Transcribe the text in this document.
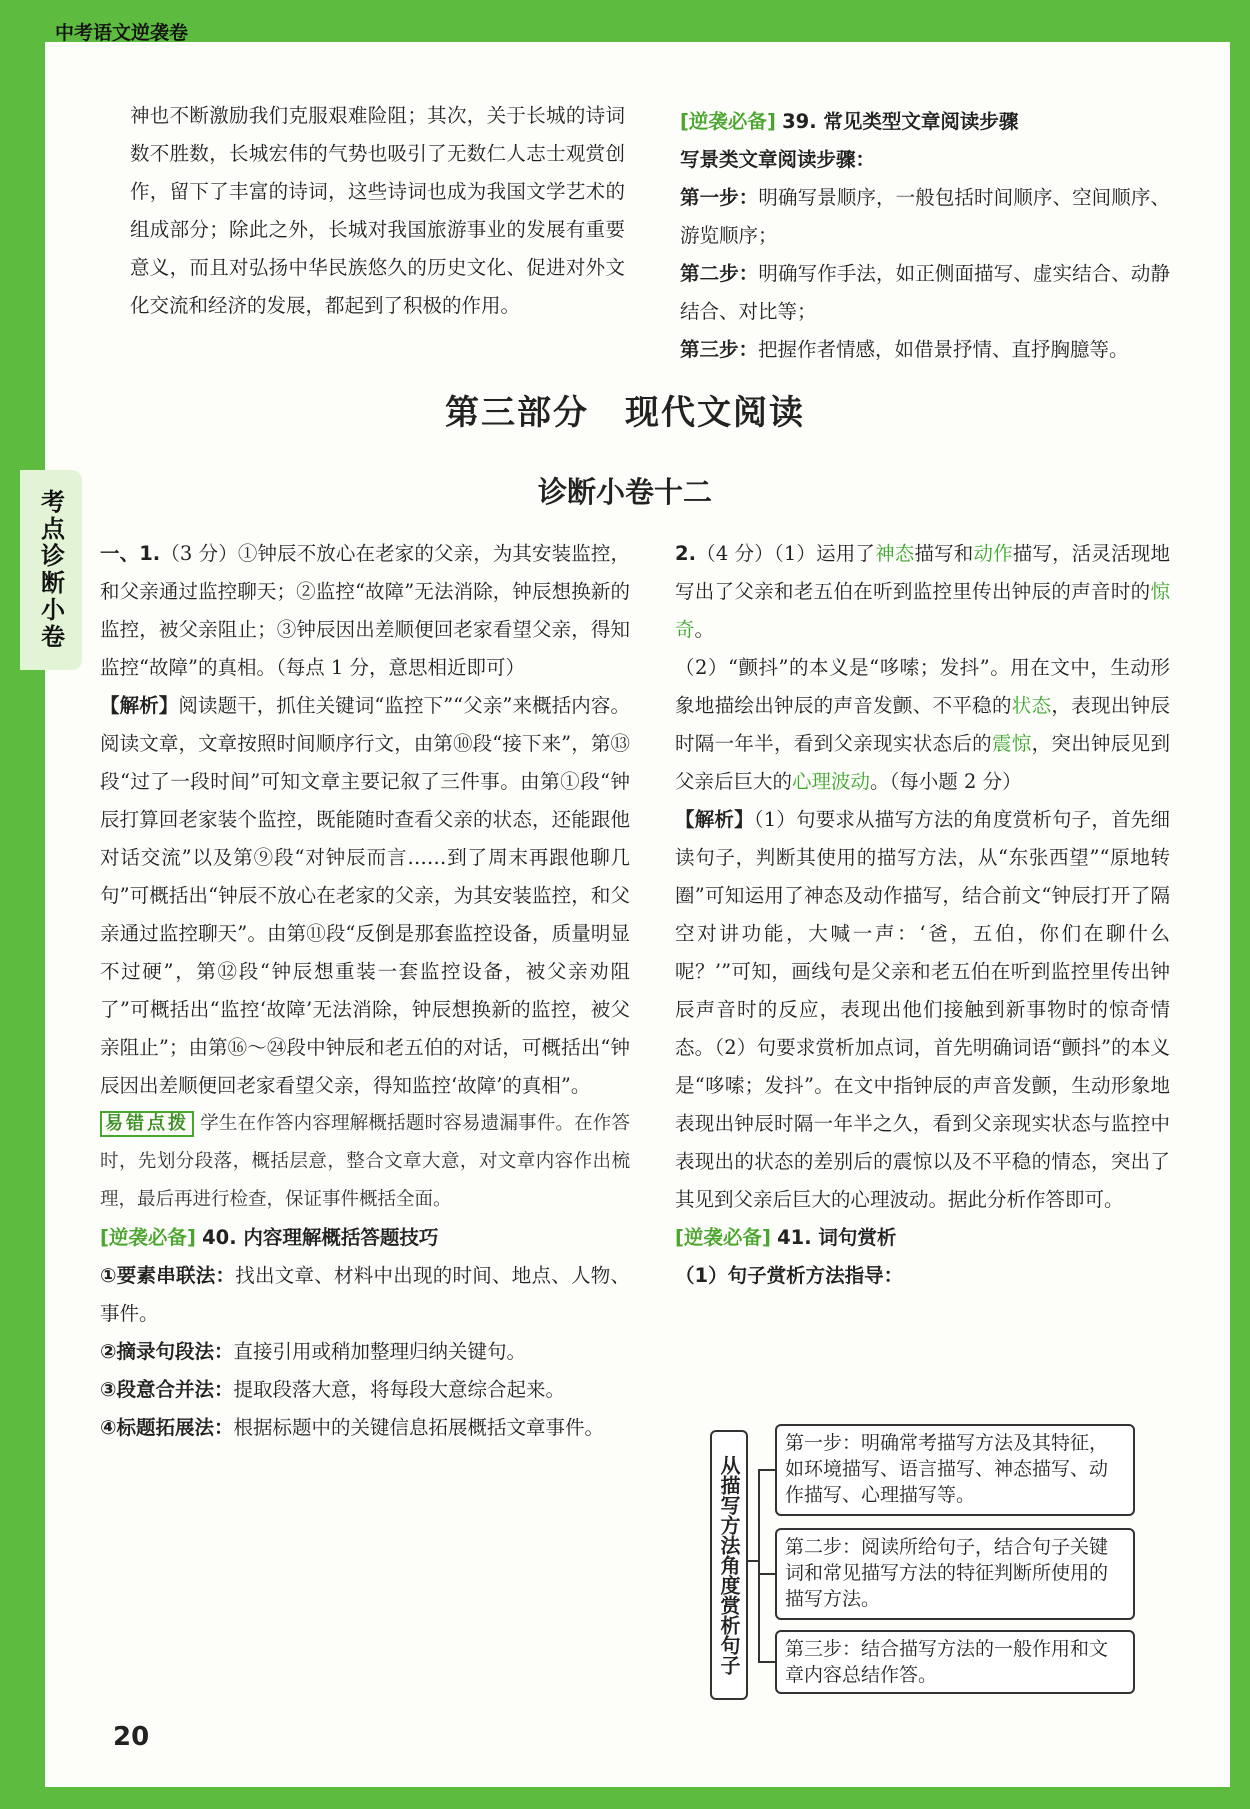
中考语文逆袭卷
考点诊断小卷

神也不断激励我们克服艰难险阻；其次，关于长城的诗词数不胜数，长城宏伟的气势也吸引了无数仁人志士观赏创作，留下了丰富的诗词，这些诗词也成为我国文学艺术的组成部分；除此之外，长城对我国旅游事业的发展有重要意义，而且对弘扬中华民族悠久的历史文化、促进对外文化交流和经济的发展，都起到了积极的作用。

[ 逆袭必备 ] 39. 常见类型文章阅读步骤

写景类文章阅读步骤：

第一步：明确写景顺序，一般包括时间顺序、空间顺序、游览顺序；

第二步：明确写作手法，如正侧面描写、虚实结合、动静结合、对比等；

第三步：把握作者情感，如借景抒情、直抒胸臆等。

第三部分　现代文阅读
诊断小卷十二

一、1.（3 分）①钟辰不放心在老家的父亲，为其安装监控，和父亲通过监控聊天；②监控“故障”无法消除，钟辰想换新的监控，被父亲阻止；③钟辰因出差顺便回老家看望父亲，得知监控“故障”的真相。（每点 1 分，意思相近即可）

【解析】阅读题干，抓住关键词“监控下”“父亲”来概括内容。阅读文章，文章按照时间顺序行文，由第⑩段“接下来”，第⑬段“过了一段时间”可知文章主要记叙了三件事。由第①段“钟辰打算回老家装个监控，既能随时查看父亲的状态，还能跟他对话交流”以及第⑨段“对钟辰而言……到了周末再跟他聊几句”可概括出“钟辰不放心在老家的父亲，为其安装监控，和父亲通过监控聊天”。由第⑪段“反倒是那套监控设备，质量明显不过硬”，第⑫段“钟辰想重装一套监控设备，被父亲劝阻了”可概括出“监控‘故障’无法消除，钟辰想换新的监控，被父亲阻止”；由第⑯～㉔段中钟辰和老五伯的对话，可概括出“钟辰因出差顺便回老家看望父亲，得知监控‘故障’的真相”。

易错点拨 学生在作答内容理解概括题时容易遗漏事件。在作答时，先划分段落，概括层意，整合文章大意，对文章内容作出梳理，最后再进行检查，保证事件概括全面。

[ 逆袭必备 ] 40. 内容理解概括答题技巧

①要素串联法：找出文章、材料中出现的时间、地点、人物、事件。

②摘录句段法：直接引用或稍加整理归纳关键句。

③段意合并法：提取段落大意，将每段大意综合起来。

④标题拓展法：根据标题中的关键信息拓展概括文章事件。

2.（4 分）（1）运用了神态描写和动作描写，活灵活现地写出了父亲和老五伯在听到监控里传出钟辰的声音时的惊奇。

（2）“颤抖”的本义是“哆嗦；发抖”。用在文中，生动形象地描绘出钟辰的声音发颤、不平稳的状态，表现出钟辰时隔一年半，看到父亲现实状态后的震惊，突出钟辰见到父亲后巨大的心理波动。（每小题 2 分）

【解析】（1）句要求从描写方法的角度赏析句子，首先细读句子，判断其使用的描写方法，从“东张西望”“原地转圈”可知运用了神态及动作描写，结合前文“钟辰打开了隔空对讲功能，大喊一声：‘爸，五伯，你们在聊什么呢？’”可知，画线句是父亲和老五伯在听到监控里传出钟辰声音时的反应，表现出他们接触到新事物时的惊奇情态。（2）句要求赏析加点词，首先明确词语“颤抖”的本义是“哆嗦；发抖”。在文中指钟辰的声音发颤，生动形象地表现出钟辰时隔一年半之久，看到父亲现实状态与监控中表现出的状态的差别后的震惊以及不平稳的情态，突出了其见到父亲后巨大的心理波动。据此分析作答即可。

[ 逆袭必备 ] 41. 词句赏析

（1）句子赏析方法指导：

从描写方法角度赏析句子
第一步：明确常考描写方法及其特征，如环境描写、语言描写、神态描写、动作描写、心理描写等。
第二步：阅读所给句子，结合句子关键词和常见描写方法的特征判断所使用的描写方法。
第三步：结合描写方法的一般作用和文章内容总结作答。
20
